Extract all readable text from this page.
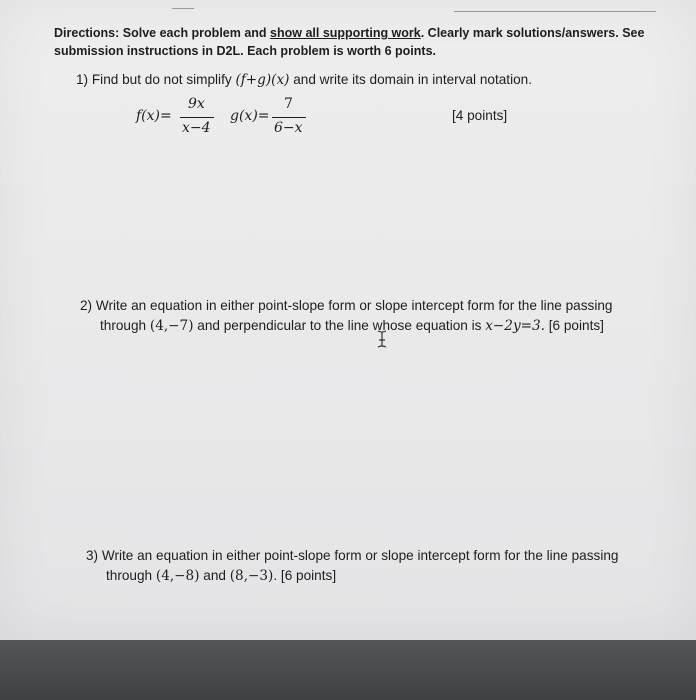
Directions: Solve each problem and show all supporting work. Clearly mark solutions/answers. See
submission instructions in D2L. Each problem is worth 6 points.
1) Find but do not simplify (f+g)(x) and write its domain in interval notation.
f(x)=
9x
x−4
g(x)=
7
6−x
[4 points]
2) Write an equation in either point-slope form or slope intercept form for the line passing
through (4,−7) and perpendicular to the line whose equation is x−2y=3. [6 points]
3) Write an equation in either point-slope form or slope intercept form for the line passing
through (4,−8) and (8,−3). [6 points]
